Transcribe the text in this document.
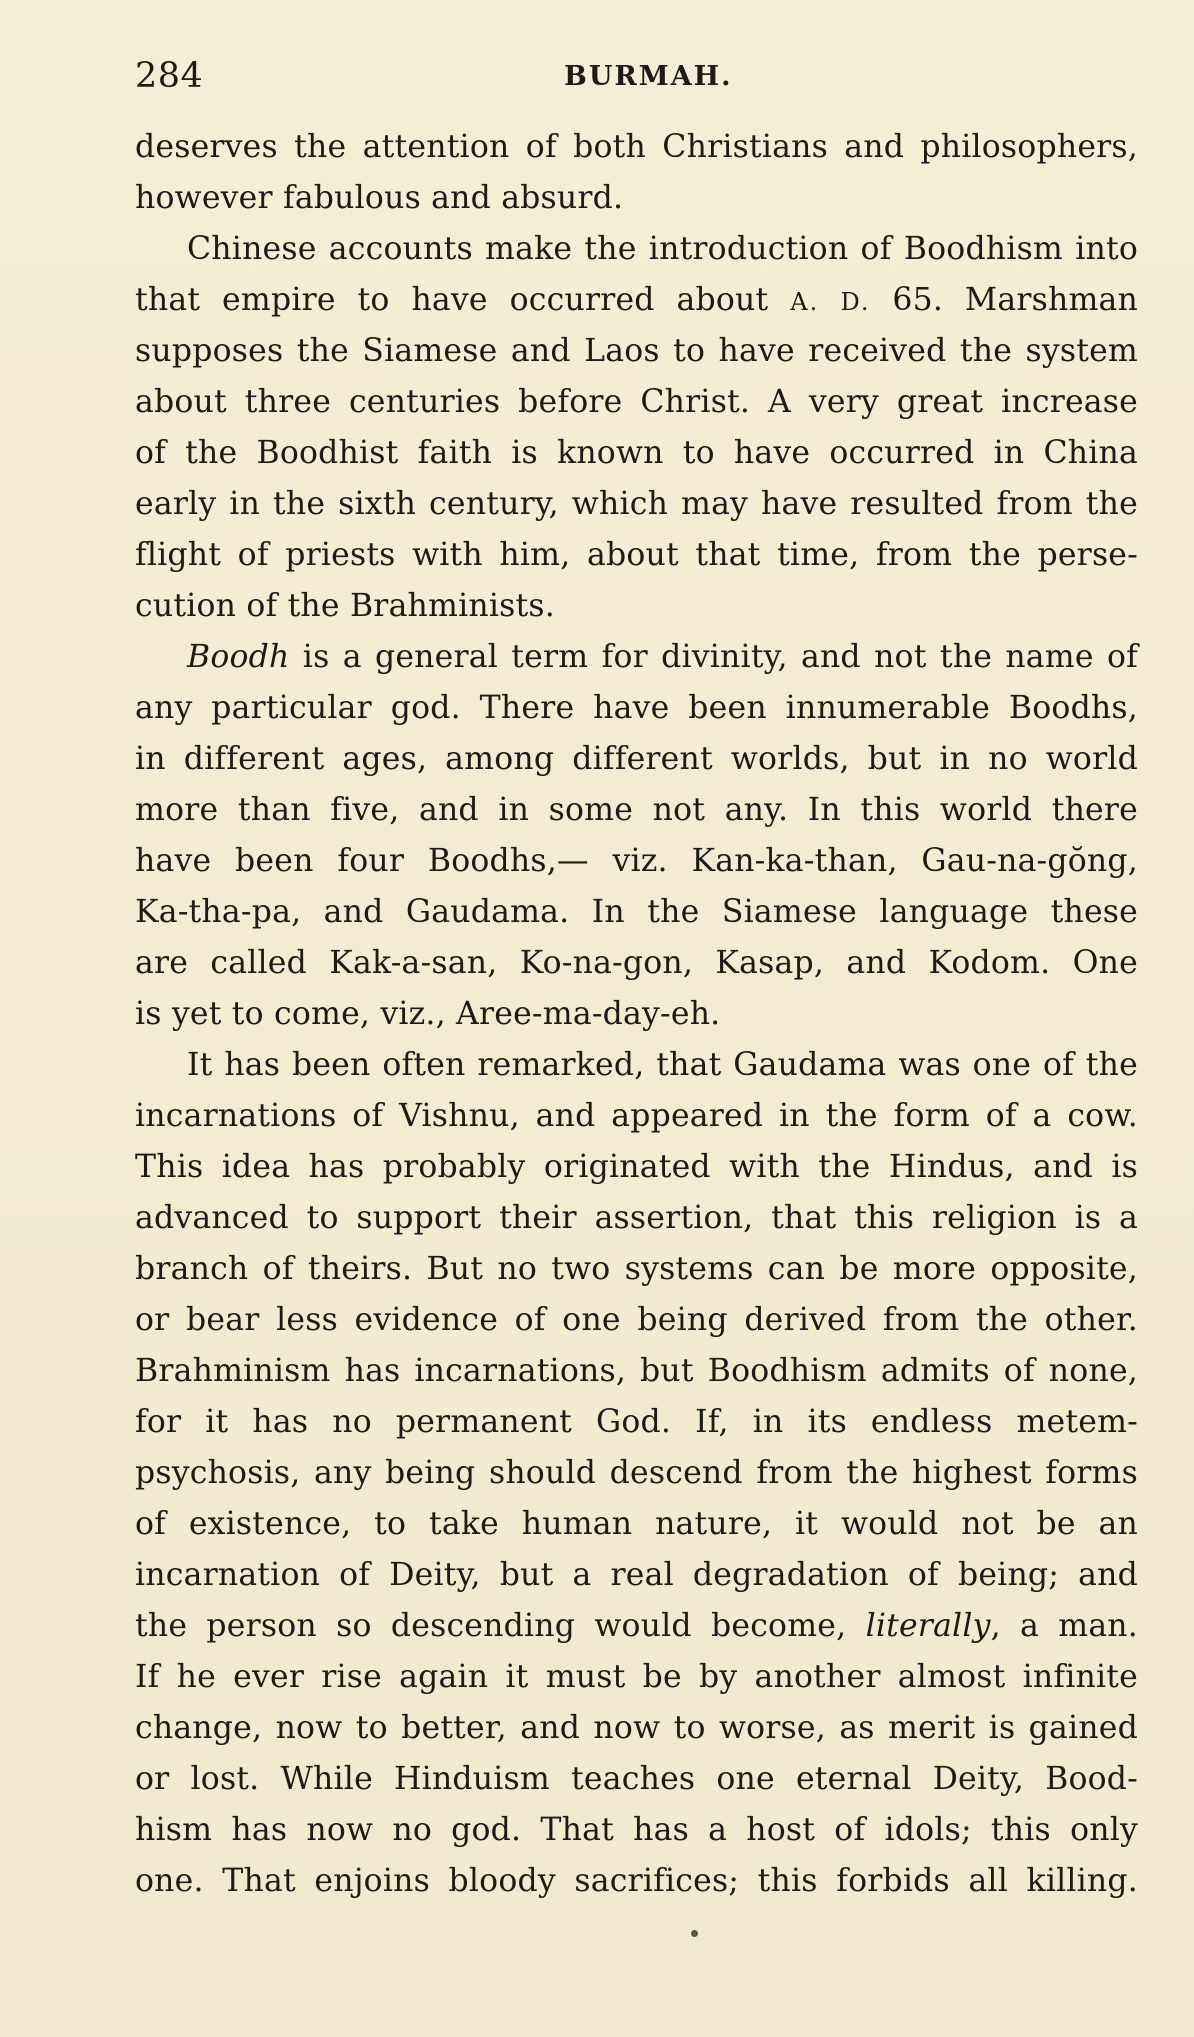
284	BURMAH.
deserves the attention of both Christians and philosophers,
however fabulous and absurd.
Chinese accounts make the introduction of Boodhism into
that empire to have occurred about A. D. 65. Marshman
supposes the Siamese and Laos to have received the system
about three centuries before Christ. A very great increase
of the Boodhist faith is known to have occurred in China
early in the sixth century, which may have resulted from the
flight of priests with him, about that time, from the perse-
cution of the Brahminists.
Boodh is a general term for divinity, and not the name of
any particular god. There have been innumerable Boodhs,
in different ages, among different worlds, but in no world
more than five, and in some not any. In this world there
have been four Boodhs,— viz. Kan-ka-than, Gau-na-gŏng,
Ka-tha-pa, and Gaudama. In the Siamese language these
are called Kak-a-san, Ko-na-gon, Kasap, and Kodom. One
is yet to come, viz., Aree-ma-day-eh.
It has been often remarked, that Gaudama was one of the
incarnations of Vishnu, and appeared in the form of a cow.
This idea has probably originated with the Hindus, and is
advanced to support their assertion, that this religion is a
branch of theirs. But no two systems can be more opposite,
or bear less evidence of one being derived from the other.
Brahminism has incarnations, but Boodhism admits of none,
for it has no permanent God. If, in its endless metem-
psychosis, any being should descend from the highest forms
of existence, to take human nature, it would not be an
incarnation of Deity, but a real degradation of being; and
the person so descending would become, literally, a man.
If he ever rise again it must be by another almost infinite
change, now to better, and now to worse, as merit is gained
or lost. While Hinduism teaches one eternal Deity, Bood-
hism has now no god. That has a host of idols; this only
one. That enjoins bloody sacrifices; this forbids all killing.
